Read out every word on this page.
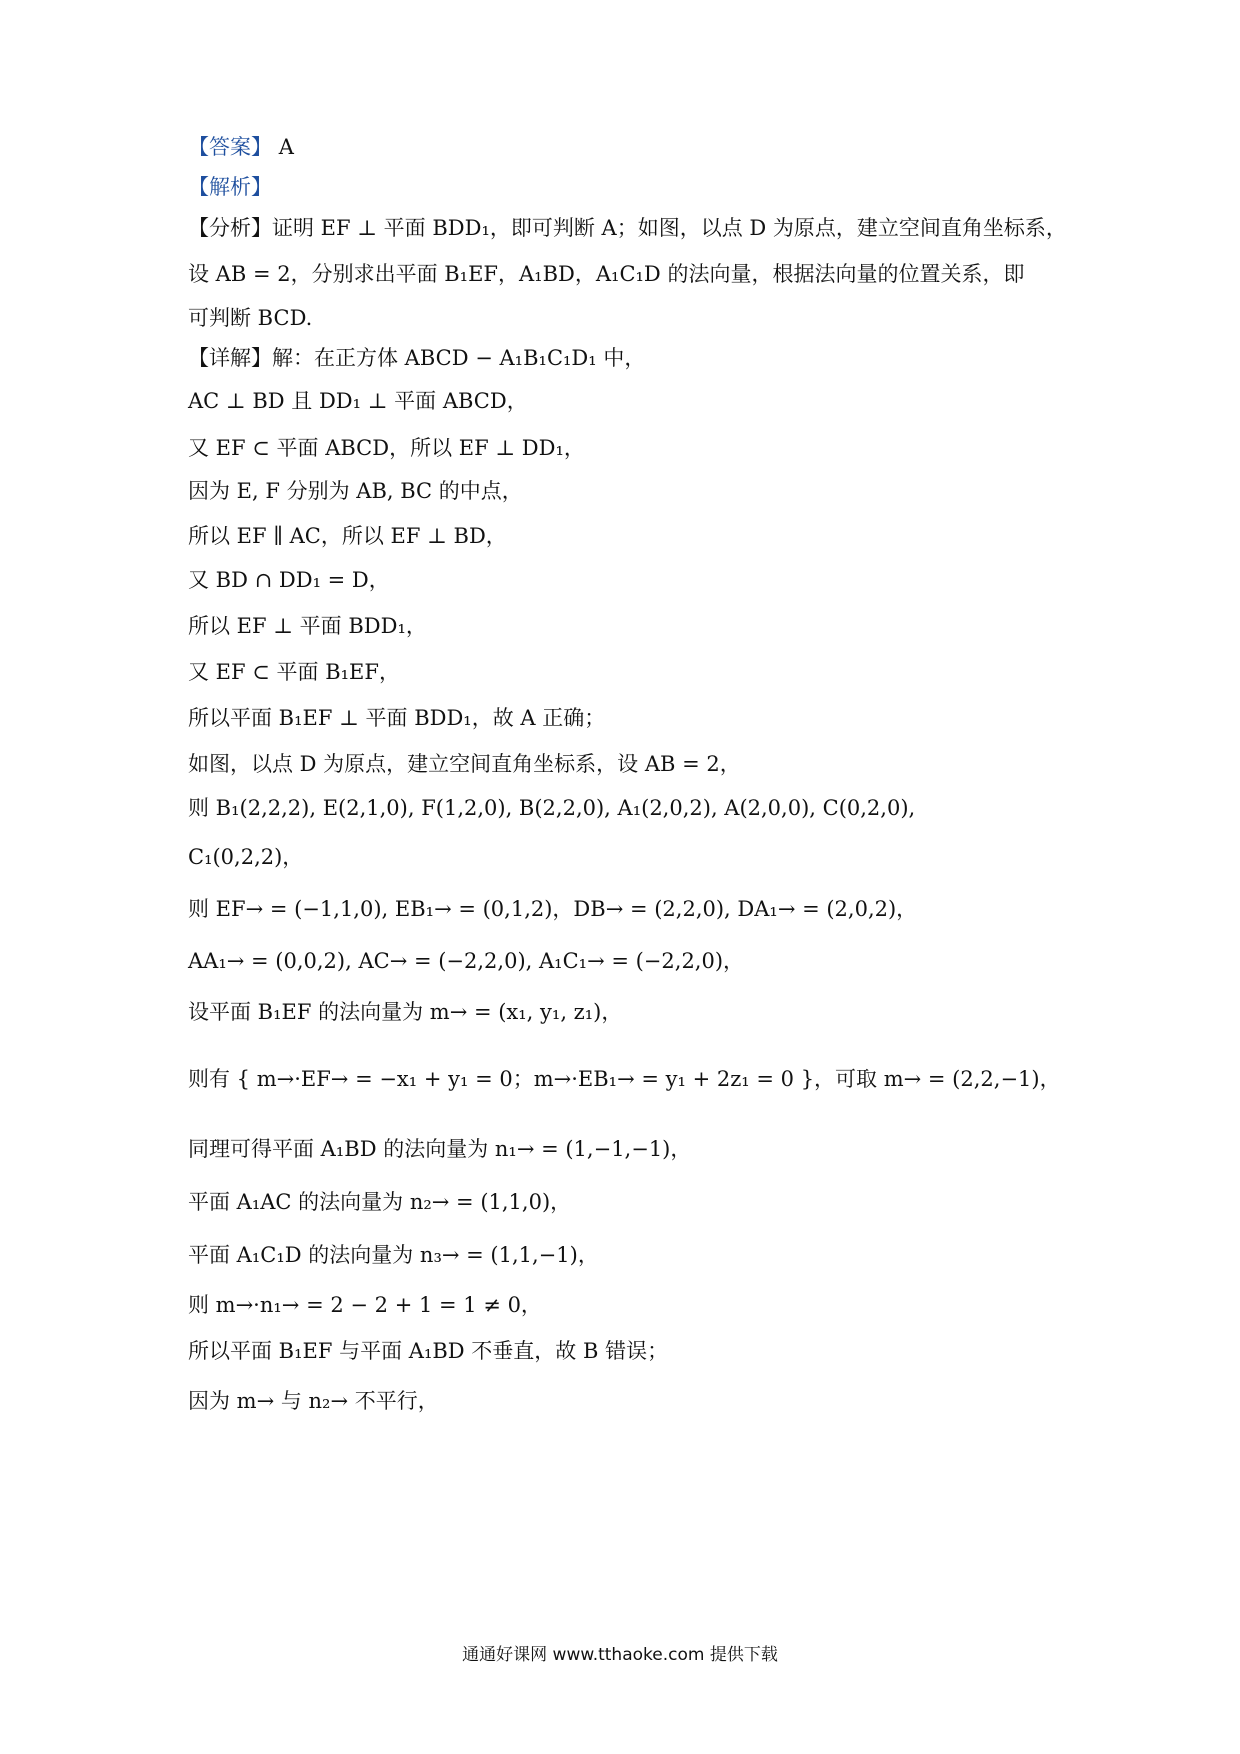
【答案】 A
【解析】
【分析】证明 EF ⊥ 平面 BDD₁，即可判断 A；如图，以点 D 为原点，建立空间直角坐标系，
设 AB = 2，分别求出平面 B₁EF，A₁BD，A₁C₁D 的法向量，根据法向量的位置关系，即
可判断 BCD.
【详解】解：在正方体 ABCD − A₁B₁C₁D₁ 中，
AC ⊥ BD 且 DD₁ ⊥ 平面 ABCD，
又 EF ⊂ 平面 ABCD，所以 EF ⊥ DD₁，
因为 E, F 分别为 AB, BC 的中点，
所以 EF ∥ AC，所以 EF ⊥ BD，
又 BD ∩ DD₁ = D，
所以 EF ⊥ 平面 BDD₁，
又 EF ⊂ 平面 B₁EF，
所以平面 B₁EF ⊥ 平面 BDD₁，故 A 正确；
如图，以点 D 为原点，建立空间直角坐标系，设 AB = 2，
则 B₁(2,2,2), E(2,1,0), F(1,2,0), B(2,2,0), A₁(2,0,2), A(2,0,0), C(0,2,0),
C₁(0,2,2)，
则 EF→ = (−1,1,0), EB₁→ = (0,1,2)，DB→ = (2,2,0), DA₁→ = (2,0,2)，
AA₁→ = (0,0,2), AC→ = (−2,2,0), A₁C₁→ = (−2,2,0)，
设平面 B₁EF 的法向量为 m→ = (x₁, y₁, z₁)，
则有 { m→·EF→ = −x₁ + y₁ = 0；m→·EB₁→ = y₁ + 2z₁ = 0 }，可取 m→ = (2,2,−1)，
同理可得平面 A₁BD 的法向量为 n₁→ = (1,−1,−1)，
平面 A₁AC 的法向量为 n₂→ = (1,1,0)，
平面 A₁C₁D 的法向量为 n₃→ = (1,1,−1)，
则 m→·n₁→ = 2 − 2 + 1 = 1 ≠ 0，
所以平面 B₁EF 与平面 A₁BD 不垂直，故 B 错误；
因为 m→ 与 n₂→ 不平行，
通通好课网 www.tthaoke.com 提供下载
